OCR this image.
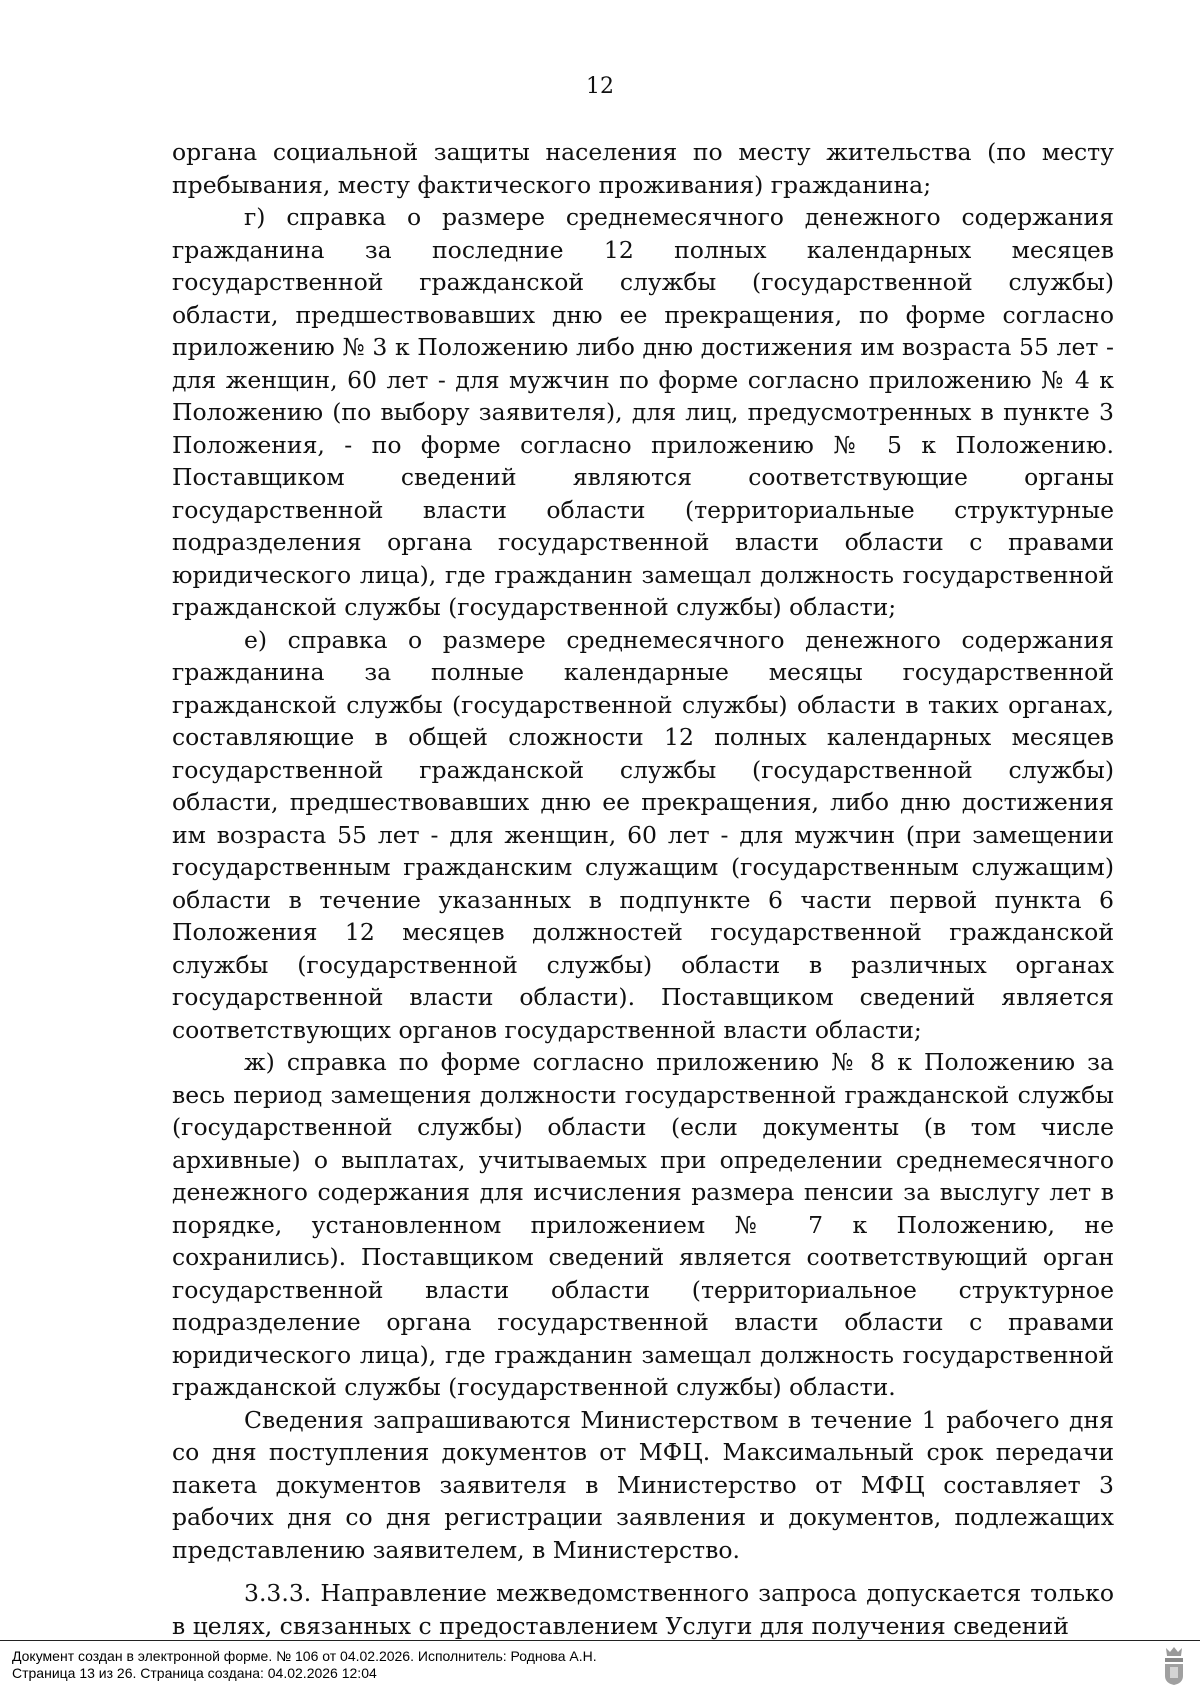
12

органа социальной защиты населения по месту жительства (по месту пребывания, месту фактического проживания) гражданина;

г) справка о размере среднемесячного денежного содержания гражданина за последние 12 полных календарных месяцев государственной гражданской службы (государственной службы) области, предшествовавших дню ее прекращения, по форме согласно приложению № 3 к Положению либо дню достижения им возраста 55 лет - для женщин, 60 лет - для мужчин по форме согласно приложению № 4 к Положению (по выбору заявителя), для лиц, предусмотренных в пункте 3 Положения, - по форме согласно приложению № 5 к Положению. Поставщиком сведений являются соответствующие органы государственной власти области (территориальные структурные подразделения органа государственной власти области с правами юридического лица), где гражданин замещал должность государственной гражданской службы (государственной службы) области;

е) справка о размере среднемесячного денежного содержания гражданина за полные календарные месяцы государственной гражданской службы (государственной службы) области в таких органах, составляющие в общей сложности 12 полных календарных месяцев государственной гражданской службы (государственной службы) области, предшествовавших дню ее прекращения, либо дню достижения им возраста 55 лет - для женщин, 60 лет - для мужчин (при замещении государственным гражданским служащим (государственным служащим) области в течение указанных в подпункте 6 части первой пункта 6 Положения 12 месяцев должностей государственной гражданской службы (государственной службы) области в различных органах государственной власти области). Поставщиком сведений является соответствующих органов государственной власти области;

ж) справка по форме согласно приложению № 8 к Положению за весь период замещения должности государственной гражданской службы (государственной службы) области (если документы (в том числе архивные) о выплатах, учитываемых при определении среднемесячного денежного содержания для исчисления размера пенсии за выслугу лет в порядке, установленном приложением № 7 к Положению, не сохранились). Поставщиком сведений является соответствующий орган государственной власти области (территориальное структурное подразделение органа государственной власти области с правами юридического лица), где гражданин замещал должность государственной гражданской службы (государственной службы) области.

Сведения запрашиваются Министерством в течение 1 рабочего дня со дня поступления документов от МФЦ. Максимальный срок передачи пакета документов заявителя в Министерство от МФЦ составляет 3 рабочих дня со дня регистрации заявления и документов, подлежащих представлению заявителем, в Министерство.

3.3.3. Направление межведомственного запроса допускается только в целях, связанных с предоставлением Услуги для получения сведений

Документ создан в электронной форме. № 106 от 04.02.2026. Исполнитель: Роднова А.Н.
Страница 13 из 26. Страница создана: 04.02.2026 12:04
